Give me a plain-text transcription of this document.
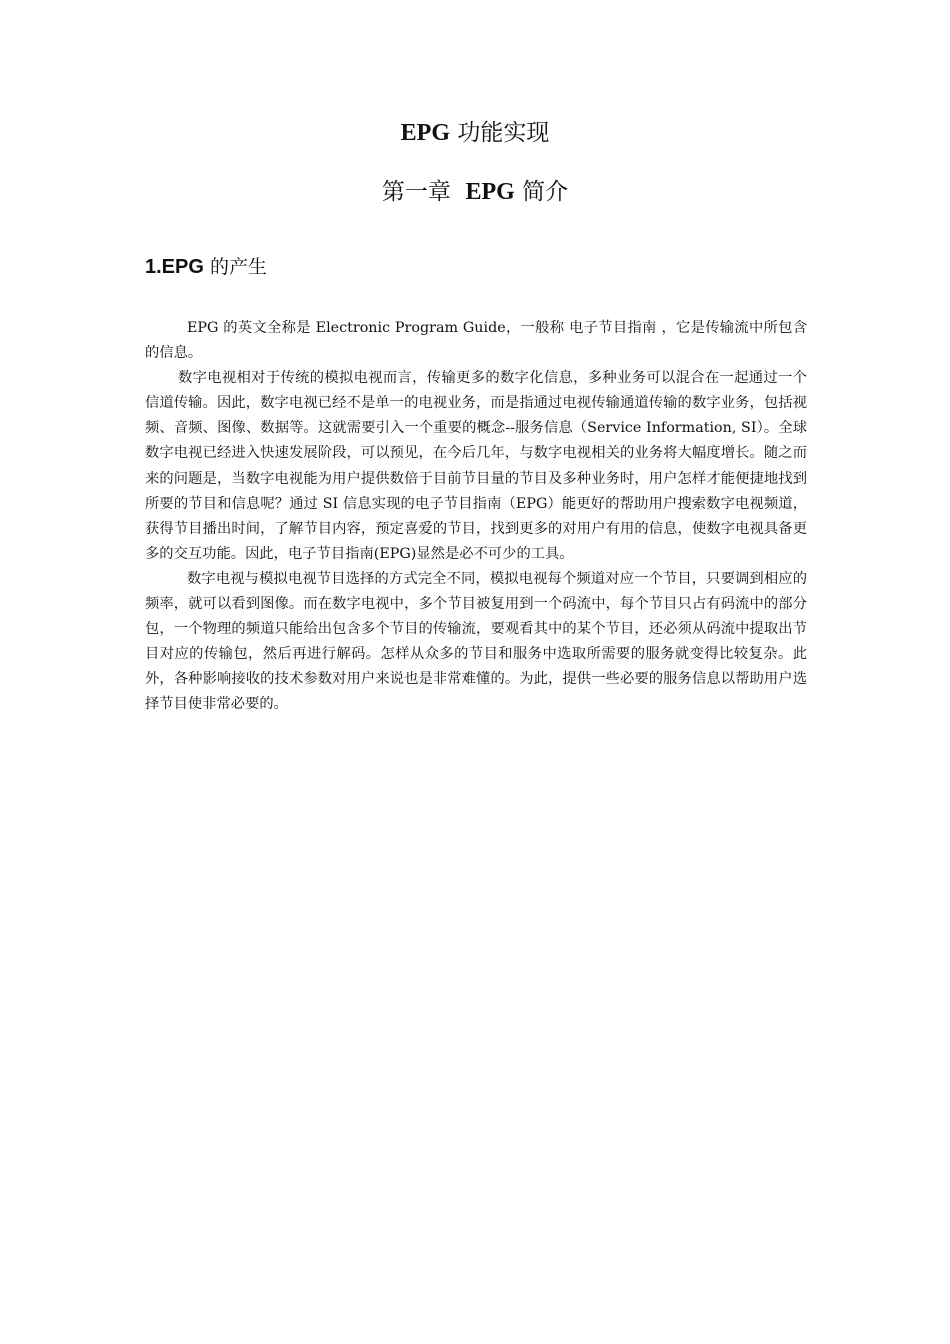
EPG 功能实现
第一章  EPG 简介
1.EPG 的产生

EPG 的英文全称是 Electronic Program Guide，一般称 电子节目指南 ，它是传输流中所包含的信息。

数字电视相对于传统的模拟电视而言，传输更多的数字化信息，多种业务可以混合在一起通过一个信道传输。因此，数字电视已经不是单一的电视业务，而是指通过电视传输通道传输的数字业务，包括视频、音频、图像、数据等。这就需要引入一个重要的概念--服务信息（Service Information, SI）。全球数字电视已经进入快速发展阶段，可以预见，在今后几年，与数字电视相关的业务将大幅度增长。随之而来的问题是，当数字电视能为用户提供数倍于目前节目量的节目及多种业务时，用户怎样才能便捷地找到所要的节目和信息呢？通过 SI 信息实现的电子节目指南（EPG）能更好的帮助用户搜索数字电视频道，获得节目播出时间，了解节目内容，预定喜爱的节目，找到更多的对用户有用的信息，使数字电视具备更多的交互功能。因此，电子节目指南(EPG)显然是必不可少的工具。

数字电视与模拟电视节目选择的方式完全不同，模拟电视每个频道对应一个节目，只要调到相应的频率，就可以看到图像。而在数字电视中，多个节目被复用到一个码流中，每个节目只占有码流中的部分包，一个物理的频道只能给出包含多个节目的传输流，要观看其中的某个节目，还必须从码流中提取出节目对应的传输包，然后再进行解码。怎样从众多的节目和服务中选取所需要的服务就变得比较复杂。此外，各种影响接收的技术参数对用户来说也是非常难懂的。为此，提供一些必要的服务信息以帮助用户选择节目使非常必要的。
